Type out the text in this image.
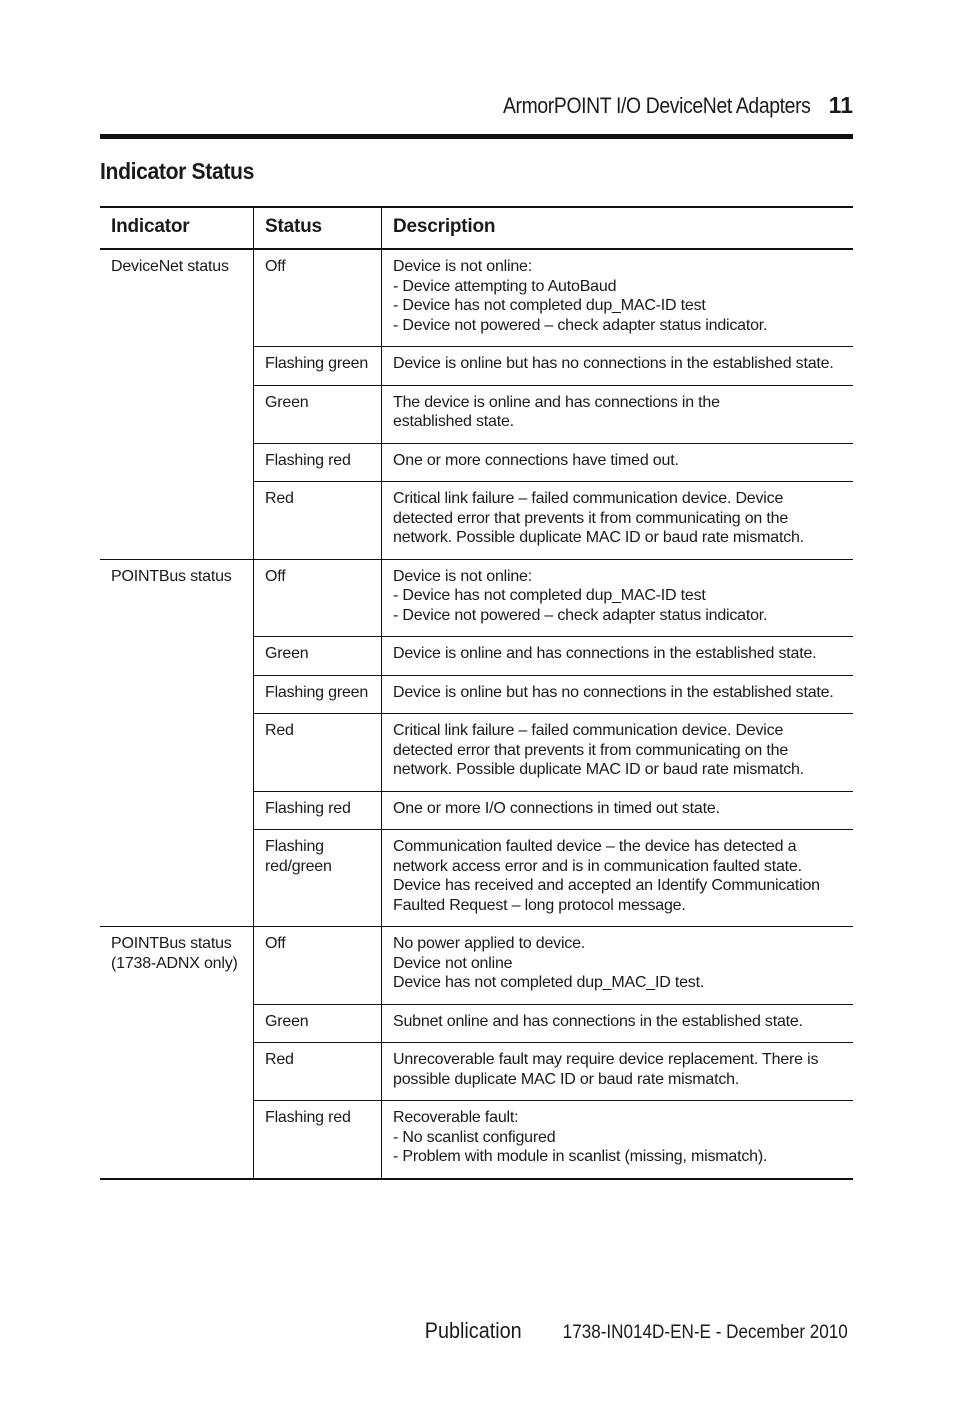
ArmorPOINT I/O DeviceNet Adapters 11
Indicator Status
Indicator	Status	Description

DeviceNet status	Off	Device is not online:
- Device attempting to AutoBaud
- Device has not completed dup_MAC-ID test
- Device not powered – check adapter status indicator.

	Flashing green	Device is online but has no connections in the established state.

	Green	The device is online and has connections in the
established state.

	Flashing red	One or more connections have timed out.

	Red	Critical link failure – failed communication device. Device
detected error that prevents it from communicating on the
network. Possible duplicate MAC ID or baud rate mismatch.

POINTBus status	Off	Device is not online:
- Device has not completed dup_MAC-ID test
- Device not powered – check adapter status indicator.

	Green	Device is online and has connections in the established state.

	Flashing green	Device is online but has no connections in the established state.

	Red	Critical link failure – failed communication device. Device
detected error that prevents it from communicating on the
network. Possible duplicate MAC ID or baud rate mismatch.

	Flashing red	One or more I/O connections in timed out state.

	Flashing
red/green	Communication faulted device – the device has detected a
network access error and is in communication faulted state.
Device has received and accepted an Identify Communication
Faulted Request – long protocol message.

POINTBus status
(1738-ADNX only)	Off	No power applied to device.
Device not online
Device has not completed dup_MAC_ID test.

	Green	Subnet online and has connections in the established state.

	Red	Unrecoverable fault may require device replacement. There is
possible duplicate MAC ID or baud rate mismatch.

	Flashing red	Recoverable fault:
- No scanlist configured
- Problem with module in scanlist (missing, mismatch).
Publication 1738-IN014D-EN-E - December 2010
